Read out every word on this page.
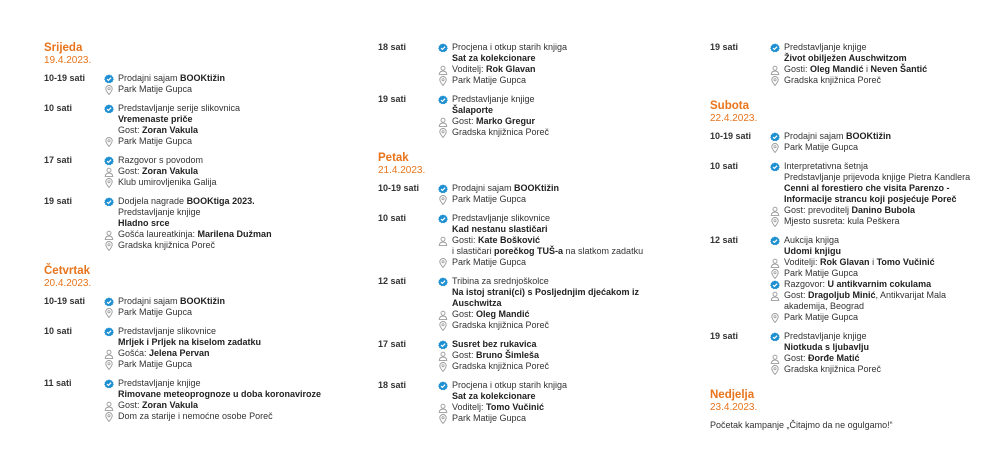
Srijeda
19.4.2023.
10-19 sati	Prodajni sajam BOOKtižin
Park Matije Gupca
10 sati	Predstavljanje serije slikovnica
Vremenaste priče
Gost: Zoran Vakula
Park Matije Gupca
17 sati	Razgovor s povodom
Gost: Zoran Vakula
Klub umirovljenika Galija
19 sati	Dodjela nagrade BOOKtiga 2023.
Predstavljanje knjige
Hladno srce
Gošća laureatkinja: Marilena Dužman
Gradska knjižnica Poreč
Četvrtak
20.4.2023.
10-19 sati	Prodajni sajam BOOKtižin
Park Matije Gupca
10 sati	Predstavljanje slikovnice
Mrljek i Prljek na kiselom zadatku
Gošća: Jelena Pervan
Park Matije Gupca
11 sati	Predstavljanje knjige
Rimovane meteoprognoze u doba koronaviroze
Gost: Zoran Vakula
Dom za starije i nemoćne osobe Poreč
18 sati	Procjena i otkup starih knjiga
Sat za kolekcionare
Voditelj: Rok Glavan
Park Matije Gupca
19 sati	Predstavljanje knjige
Šalaporte
Gost: Marko Gregur
Gradska knjižnica Poreč
Petak
21.4.2023.
10-19 sati	Prodajni sajam BOOKtižin
Park Matije Gupca
10 sati	Predstavljanje slikovnice
Kad nestanu slastičari
Gosti: Kate Bošković
i slastičari porečkog TUŠ-a na slatkom zadatku
Park Matije Gupca
12 sati	Tribina za srednjoškolce
Na istoj strani(ci) s Posljednjim djećakom iz Auschwitza
Gost: Oleg Mandić
Gradska knjižnica Poreč
17 sati	Susret bez rukavica
Gost: Bruno Šimleša
Gradska knjižnica Poreč
18 sati	Procjena i otkup starih knjiga
Sat za kolekcionare
Voditelj: Tomo Vučinić
Park Matije Gupca
19 sati	Predstavljanje knjige
Život obilježen Auschwitzom
Gosti: Oleg Mandić i Neven Šantić
Gradska knjižnica Poreč
Subota
22.4.2023.
10-19 sati	Prodajni sajam BOOKtižin
Park Matije Gupca
10 sati	Interpretativna šetnja
Predstavljanje prijevoda knjige Pietra Kandlera
Cenni al forestiero che visita Parenzo - Informacije strancu koji posjećuje Poreč
Gost: prevoditelj Danino Bubola
Mjesto susreta: kula Peškera
12 sati	Aukcija knjiga
Udomi knjigu
Voditelji: Rok Glavan i Tomo Vučinić
Park Matije Gupca
Razgovor: U antikvarnim cokulama
Gost: Dragoljub Minić, Antikvarijat Mala akademija, Beograd
Park Matije Gupca
19 sati	Predstavljanje knjige
Niotkuda s ljubavlju
Gost: Đorđe Matić
Gradska knjižnica Poreč
Nedjelja
23.4.2023.
Početak kampanje „Čitajmo da ne ogulgamo!“
